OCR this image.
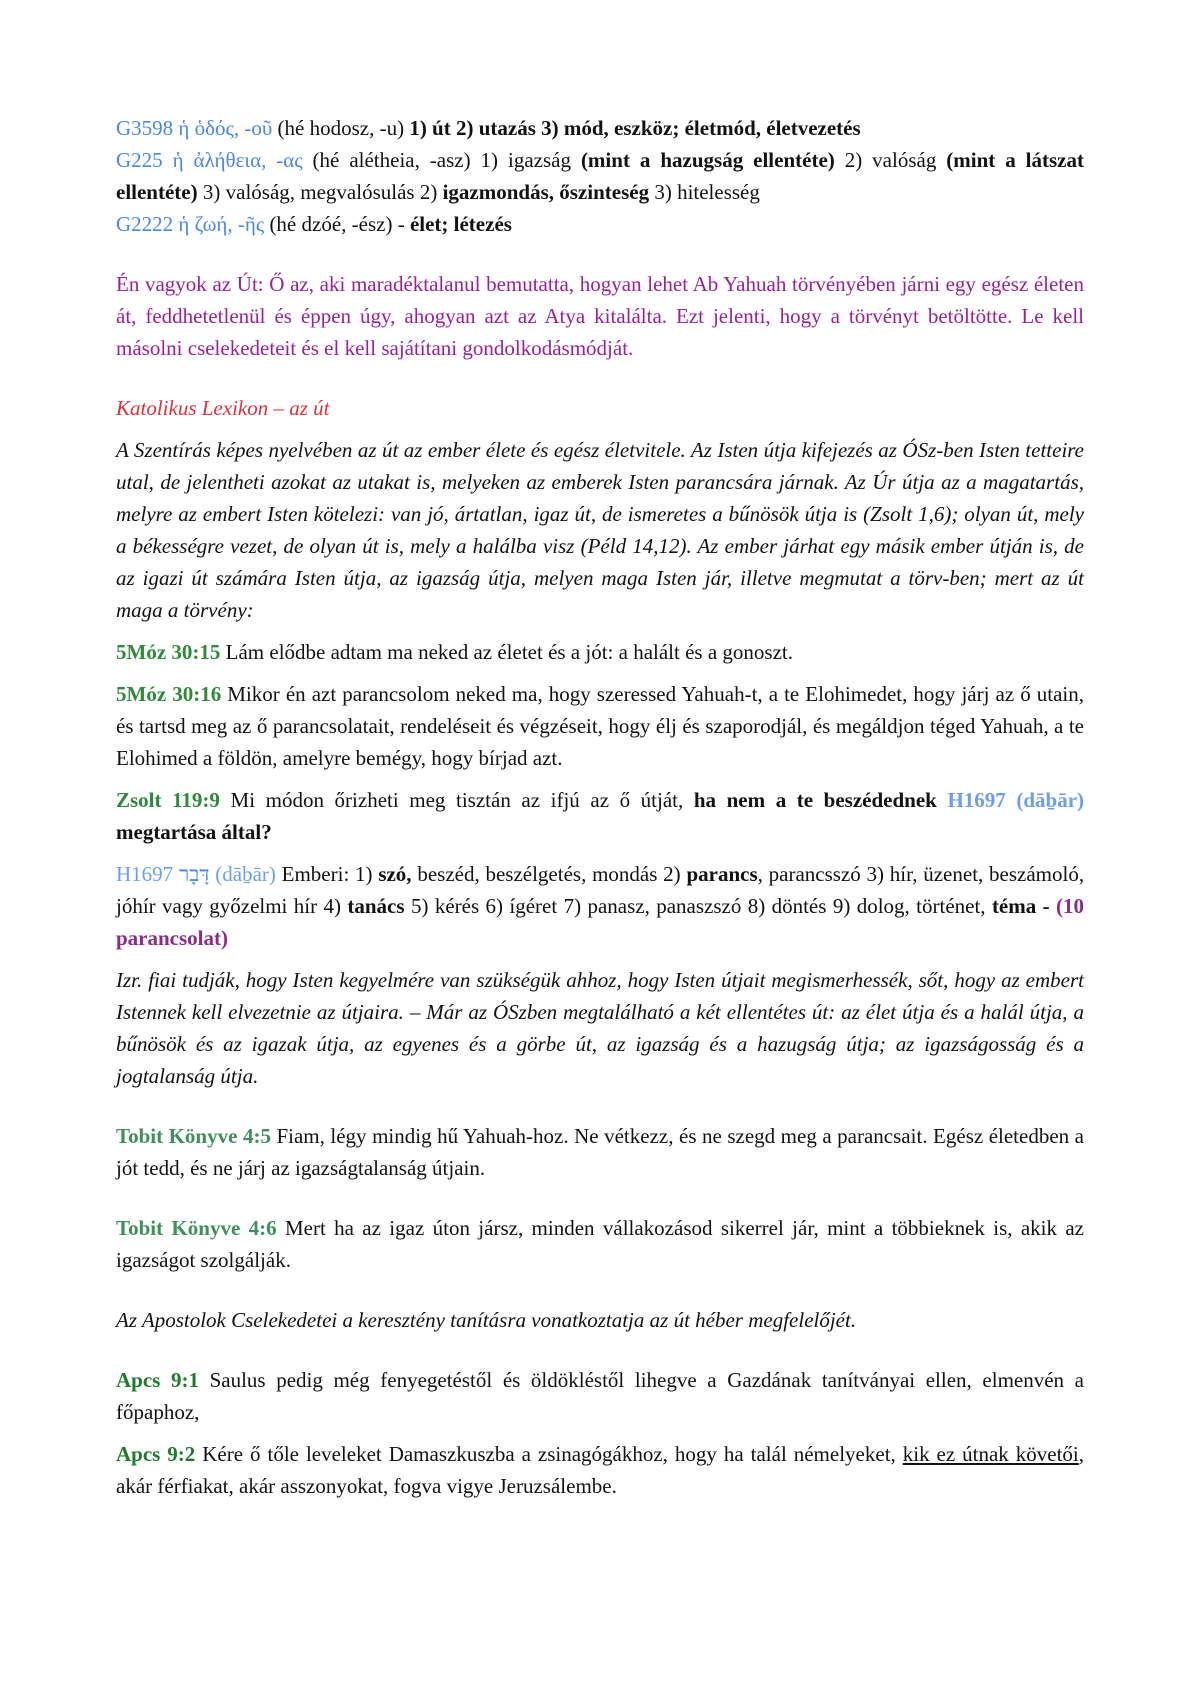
G3598 ἡ ὁδός, -οῦ (hé hodosz, -u) 1) út 2) utazás 3) mód, eszköz; életmód, életvezetés

G225 ἡ ἀλήθεια, -ας (hé alétheia, -asz) 1) igazság (mint a hazugság ellentéte) 2) valóság (mint a látszat ellentéte) 3) valóság, megvalósulás 2) igazmondás, őszinteség 3) hitelesség

G2222 ἡ ζωή, -ῆς (hé dzóé, -ész) - élet; létezés

Én vagyok az Út: Ő az, aki maradéktalanul bemutatta, hogyan lehet Ab Yahuah törvényében járni egy egész életen át, feddhetetlenül és éppen úgy, ahogyan azt az Atya kitalálta. Ezt jelenti, hogy a törvényt betöltötte. Le kell másolni cselekedeteit és el kell sajátítani gondolkodásmódját.

Katolikus Lexikon – az út

A Szentírás képes nyelvében az út az ember élete és egész életvitele. Az Isten útja kifejezés az ÓSz-ben Isten tetteire utal, de jelentheti azokat az utakat is, melyeken az emberek Isten parancsára járnak. Az Úr útja az a magatartás, melyre az embert Isten kötelezi: van jó, ártatlan, igaz út, de ismeretes a bűnösök útja is (Zsolt 1,6); olyan út, mely a békességre vezet, de olyan út is, mely a halálba visz (Péld 14,12). Az ember járhat egy másik ember útján is, de az igazi út számára Isten útja, az igazság útja, melyen maga Isten jár, illetve megmutat a törv-ben; mert az út maga a törvény:

5Móz 30:15 Lám elődbe adtam ma neked az életet és a jót: a halált és a gonoszt.

5Móz 30:16 Mikor én azt parancsolom neked ma, hogy szeressed Yahuah-t, a te Elohimedet, hogy járj az ő utain, és tartsd meg az ő parancsolatait, rendeléseit és végzéseit, hogy élj és szaporodjál, és megáldjon téged Yahuah, a te Elohimed a földön, amelyre bemégy, hogy bírjad azt.

Zsolt 119:9 Mi módon őrizheti meg tisztán az ifjú az ő útját, ha nem a te beszédednek H1697 (dāḇār) megtartása által?

H1697 דָּבָר (dāḇār) Emberi: 1) szó, beszéd, beszélgetés, mondás 2) parancs, parancsszó 3) hír, üzenet, beszámoló, jóhír vagy győzelmi hír 4) tanács 5) kérés 6) ígéret 7) panasz, panaszszó 8) döntés 9) dolog, történet, téma - (10 parancsolat)

Izr. fiai tudják, hogy Isten kegyelmére van szükségük ahhoz, hogy Isten útjait megismerhessék, sőt, hogy az embert Istennek kell elvezetnie az útjaira. – Már az ÓSzben megtalálható a két ellentétes út: az élet útja és a halál útja, a bűnösök és az igazak útja, az egyenes és a görbe út, az igazság és a hazugság útja; az igazságosság és a jogtalanság útja.

Tobit Könyve 4:5 Fiam, légy mindig hű Yahuah-hoz. Ne vétkezz, és ne szegd meg a parancsait. Egész életedben a jót tedd, és ne járj az igazságtalanság útjain.

Tobit Könyve 4:6 Mert ha az igaz úton jársz, minden vállakozásod sikerrel jár, mint a többieknek is, akik az igazságot szolgálják.

Az Apostolok Cselekedetei a keresztény tanításra vonatkoztatja az út héber megfelelőjét.

Apcs 9:1 Saulus pedig még fenyegetéstől és öldökléstől lihegve a Gazdának tanítványai ellen, elmenvén a főpaphoz,

Apcs 9:2 Kére ő tőle leveleket Damaszkuszba a zsinagógákhoz, hogy ha talál némelyeket, kik ez útnak követői, akár férfiakat, akár asszonyokat, fogva vigye Jeruzsálembe.
